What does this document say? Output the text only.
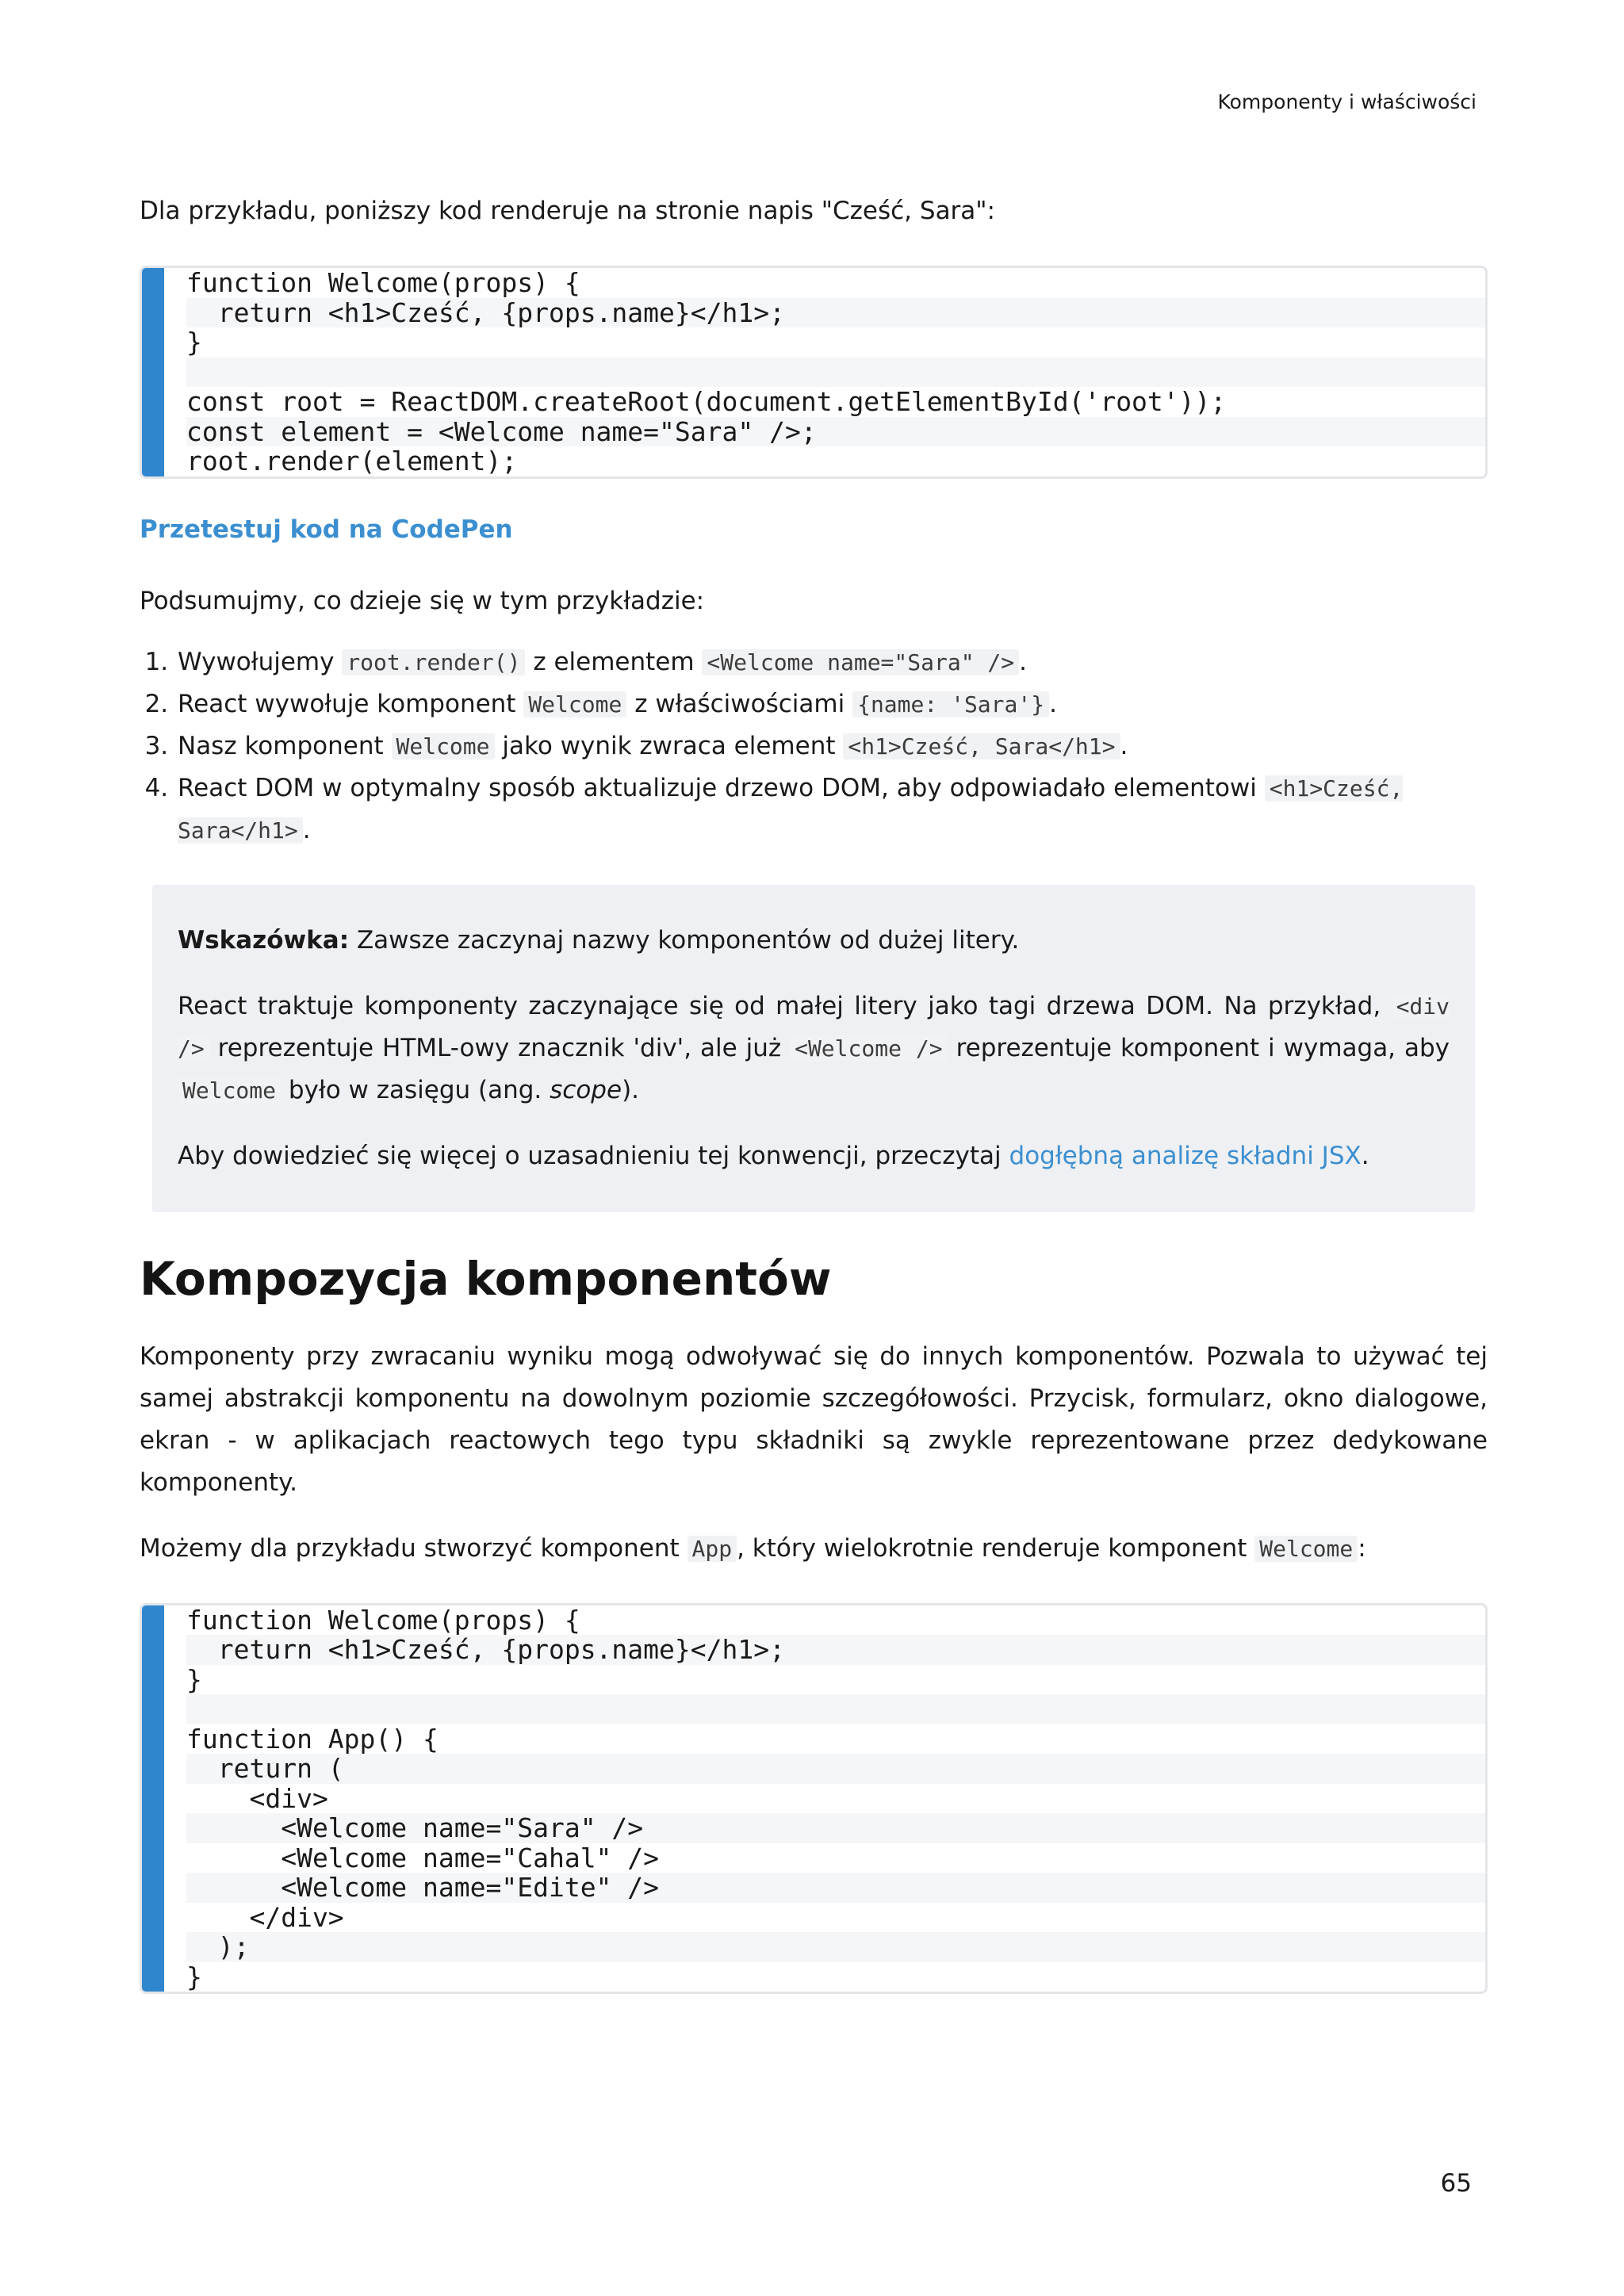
Komponenty i właściwości

Dla przykładu, poniższy kod renderuje na stronie napis "Cześć, Sara":

function Welcome(props) {
return <h1>Cześć, {props.name}</h1>;
}

const root = ReactDOM.createRoot(document.getElementById('root'));
const element = <Welcome name="Sara" />;
root.render(element);
Przetestuj kod na CodePen

Podsumujmy, co dzieje się w tym przykładzie:

1. Wywołujemy root.render() z elementem <Welcome name="Sara" /> .
2. React wywołuje komponent Welcome z właściwościami {name: 'Sara'} .
3. Nasz komponent Welcome jako wynik zwraca element <h1>Cześć, Sara</h1> .
4. React DOM w optymalny sposób aktualizuje drzewo DOM, aby odpowiadało elementowi <h1>Cześć, Sara</h1> .

Wskazówka: Zawsze zaczynaj nazwy komponentów od dużej litery.

React traktuje komponenty zaczynające się od małej litery jako tagi drzewa DOM. Na przykład, <div /> reprezentuje HTML-owy znacznik 'div', ale już <Welcome /> reprezentuje komponent i wymaga, aby Welcome było w zasięgu (ang. scope).

Aby dowiedzieć się więcej o uzasadnieniu tej konwencji, przeczytaj dogłębną analizę składni JSX.

Kompozycja komponentów

Komponenty przy zwracaniu wyniku mogą odwoływać się do innych komponentów. Pozwala to używać tej samej abstrakcji komponentu na dowolnym poziomie szczegółowości. Przycisk, formularz, okno dialogowe, ekran - w aplikacjach reactowych tego typu składniki są zwykle reprezentowane przez dedykowane komponenty.

Możemy dla przykładu stworzyć komponent App , który wielokrotnie renderuje komponent Welcome :

function Welcome(props) {
return <h1>Cześć, {props.name}</h1>;
}

function App() {
return (
<div>
<Welcome name="Sara" />
<Welcome name="Cahal" />
<Welcome name="Edite" />
</div>
);
}
65
